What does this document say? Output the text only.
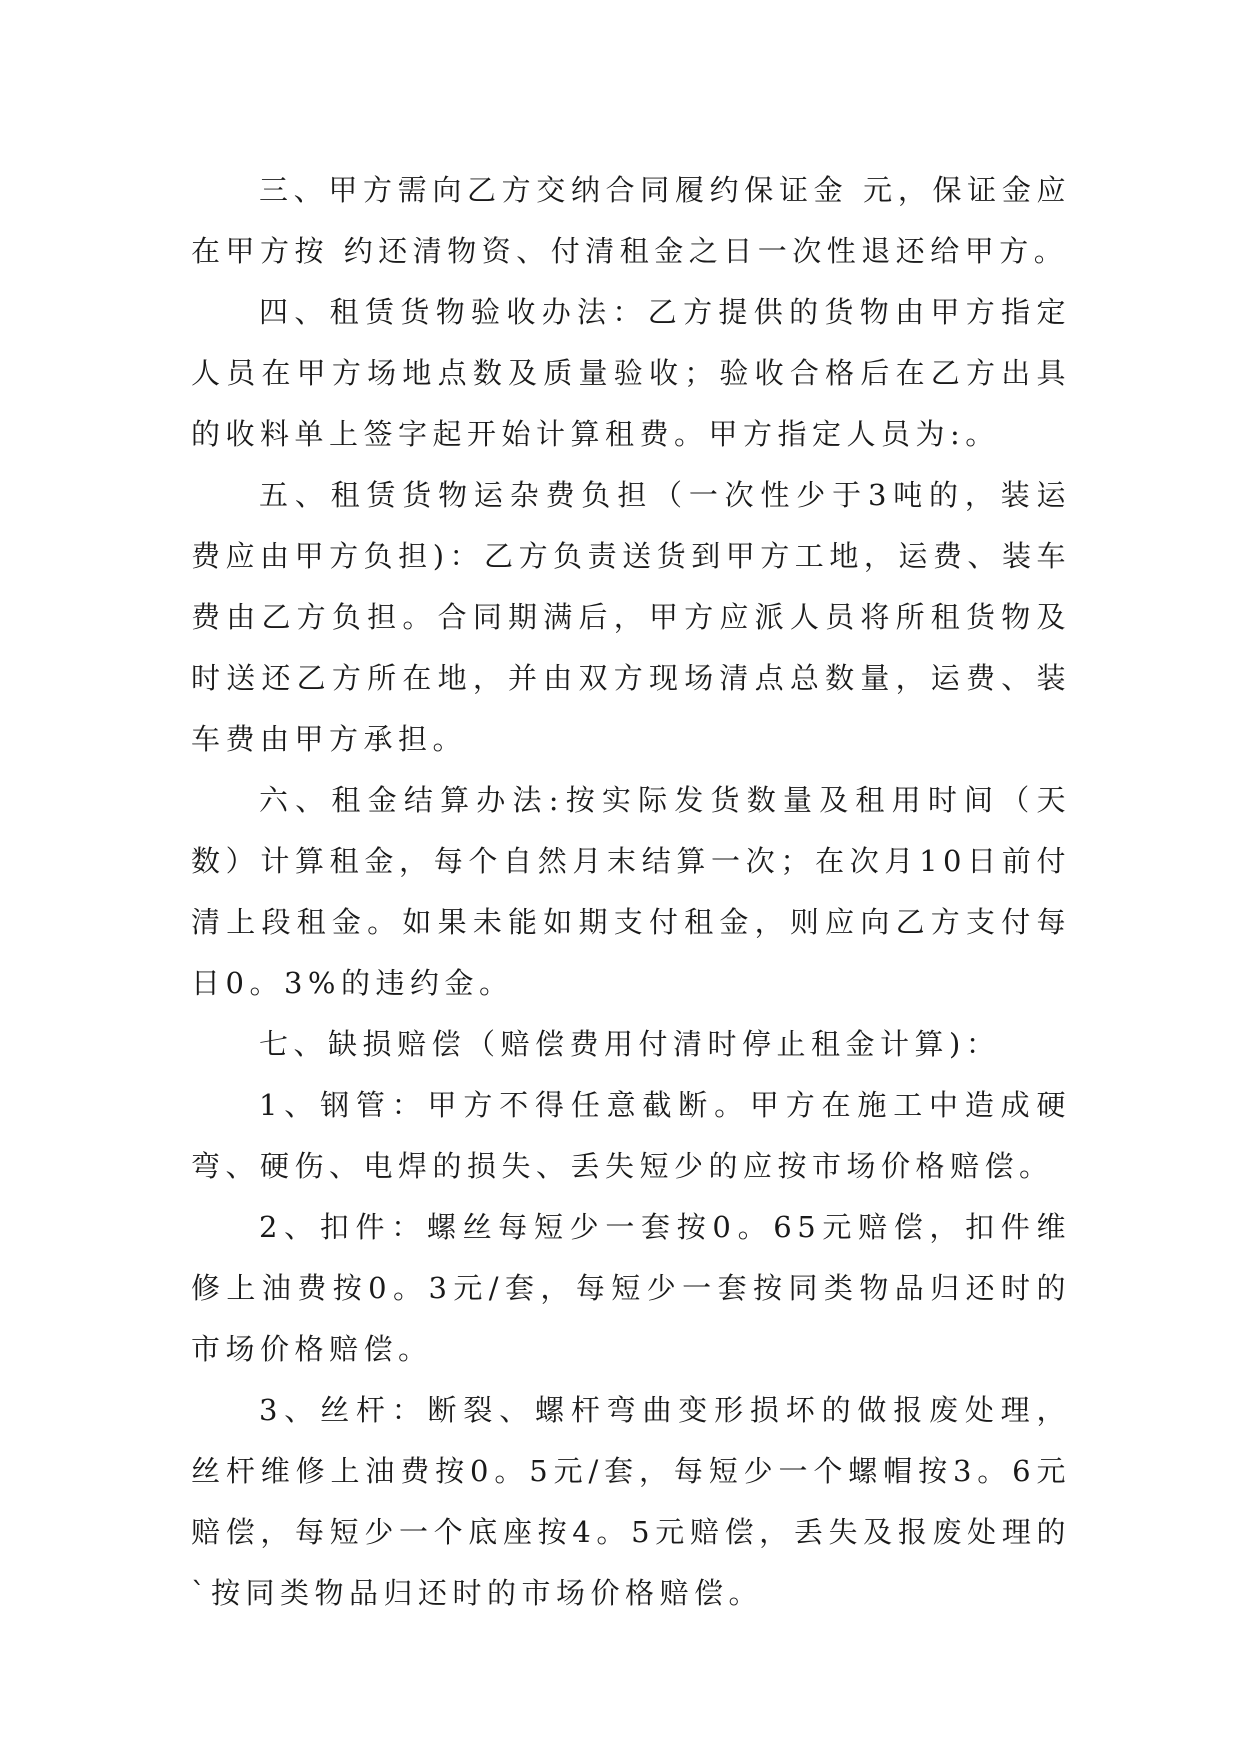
三、甲方需向乙方交纳合同履约保证金 元，保证金应在甲方按 约还清物资、付清租金之日一次性退还给甲方。

四、租赁货物验收办法：乙方提供的货物由甲方指定人员在甲方场地点数及质量验收；验收合格后在乙方出具的收料单上签字起开始计算租费。甲方指定人员为:。

五、租赁货物运杂费负担（一次性少于3吨的，装运费应由甲方负担)：乙方负责送货到甲方工地，运费、装车费由乙方负担。合同期满后，甲方应派人员将所租货物及时送还乙方所在地，并由双方现场清点总数量，运费、装车费由甲方承担。

六、租金结算办法:按实际发货数量及租用时间（天数）计算租金，每个自然月末结算一次；在次月10日前付清上段租金。如果未能如期支付租金，则应向乙方支付每日0。3%的违约金。

七、缺损赔偿（赔偿费用付清时停止租金计算)：

1、钢管：甲方不得任意截断。甲方在施工中造成硬弯、硬伤、电焊的损失、丢失短少的应按市场价格赔偿。

2、扣件：螺丝每短少一套按0。65元赔偿，扣件维修上油费按0。3元/套，每短少一套按同类物品归还时的市场价格赔偿。

3、丝杆：断裂、螺杆弯曲变形损坏的做报废处理，丝杆维修上油费按0。5元/套，每短少一个螺帽按3。6元赔偿，每短少一个底座按4。5元赔偿，丢失及报废处理的`按同类物品归还时的市场价格赔偿。
